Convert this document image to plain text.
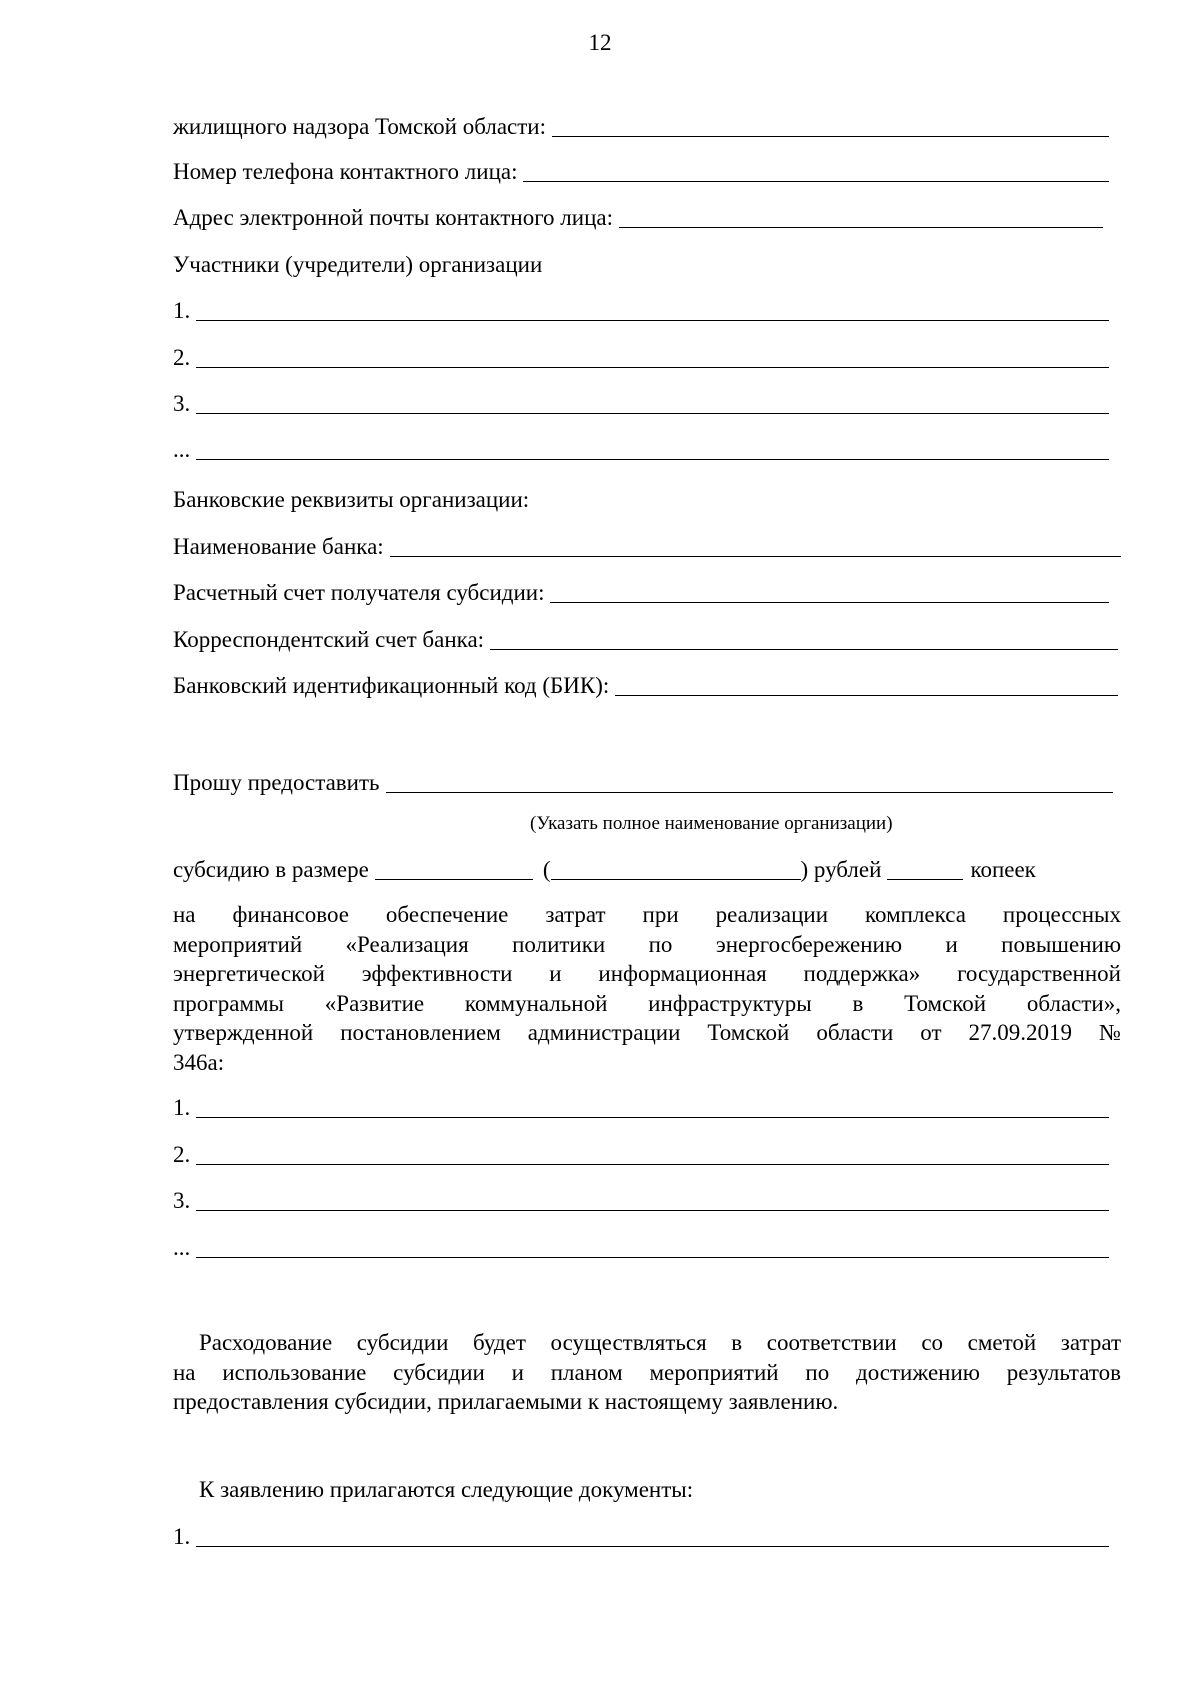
12
жилищного надзора Томской области:
Номер телефона контактного лица:
Адрес электронной почты контактного лица:
Участники (учредители) организации
1.
2.
3.
...
Банковские реквизиты организации:
Наименование банка:
Расчетный счет получателя субсидии:
Корреспондентский счет банка:
Банковский идентификационный код (БИК):
Прошу предоставить
(Указать полное наименование организации)
субсидию в размере	(	) рублей	копеек
на финансовое обеспечение затрат при реализации комплекса процессных
мероприятий «Реализация политики по энергосбережению и повышению
энергетической эффективности и информационная поддержка» государственной
программы «Развитие коммунальной инфраструктуры в Томской области»,
утвержденной постановлением администрации Томской области от 27.09.2019 №
346а:
1.
2.
3.
...
Расходование субсидии будет осуществляться в соответствии со сметой затрат
на использование субсидии и планом мероприятий по достижению результатов
предоставления субсидии, прилагаемыми к настоящему заявлению.
К заявлению прилагаются следующие документы:
1.
